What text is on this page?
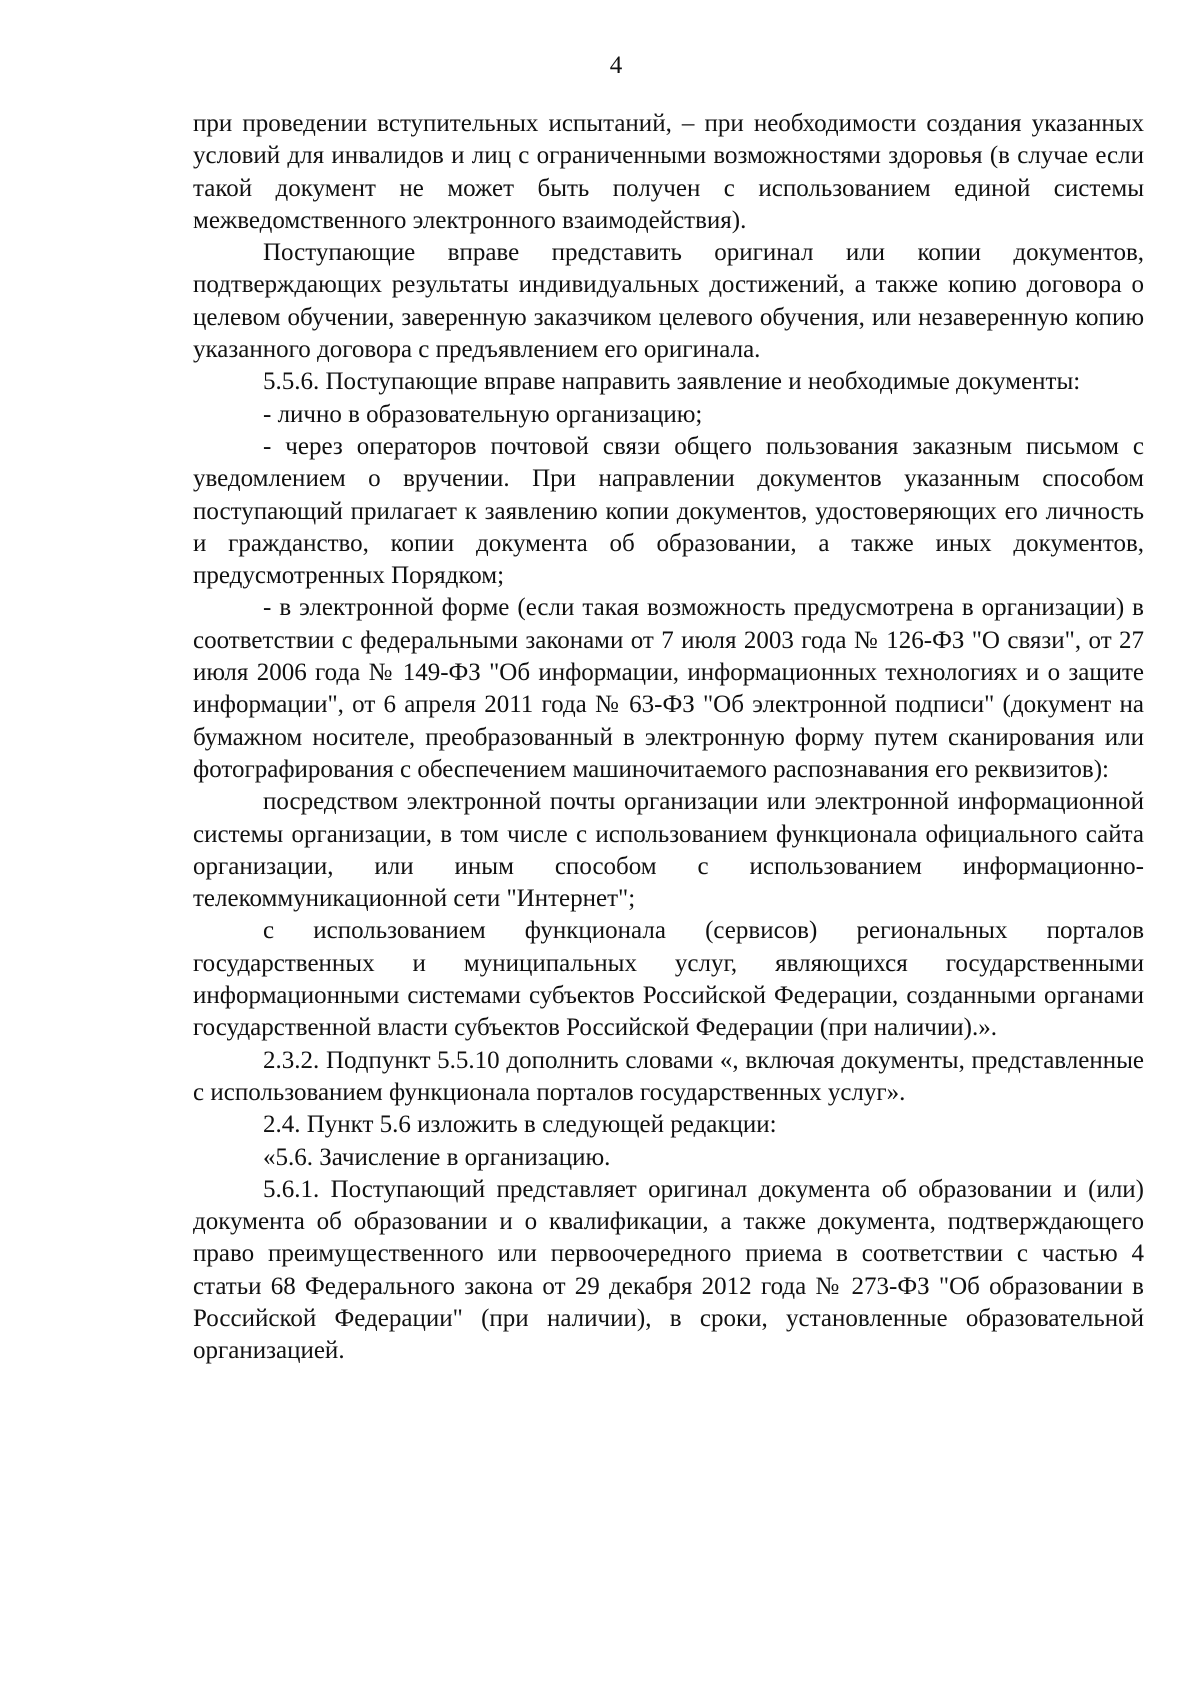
4

при проведении вступительных испытаний, – при необходимости создания указанных условий для инвалидов и лиц с ограниченными возможностями здоровья (в случае если такой документ не может быть получен с использованием единой системы межведомственного электронного взаимодействия).

Поступающие вправе представить оригинал или копии документов, подтверждающих результаты индивидуальных достижений, а также копию договора о целевом обучении, заверенную заказчиком целевого обучения, или незаверенную копию указанного договора с предъявлением его оригинала.

5.5.6. Поступающие вправе направить заявление и необходимые документы:

- лично в образовательную организацию;

- через операторов почтовой связи общего пользования заказным письмом с уведомлением о вручении. При направлении документов указанным способом поступающий прилагает к заявлению копии документов, удостоверяющих его личность и гражданство, копии документа об образовании, а также иных документов, предусмотренных Порядком;

- в электронной форме (если такая возможность предусмотрена в организации) в соответствии с федеральными законами от 7 июля 2003 года № 126-ФЗ "О связи", от 27 июля 2006 года № 149-ФЗ "Об информации, информационных технологиях и о защите информации", от 6 апреля 2011 года № 63-ФЗ "Об электронной подписи" (документ на бумажном носителе, преобразованный в электронную форму путем сканирования или фотографирования с обеспечением машиночитаемого распознавания его реквизитов):

посредством электронной почты организации или электронной информационной системы организации, в том числе с использованием функционала официального сайта организации, или иным способом с использованием информационно-телекоммуникационной сети "Интернет";

с использованием функционала (сервисов) региональных порталов государственных и муниципальных услуг, являющихся государственными информационными системами субъектов Российской Федерации, созданными органами государственной власти субъектов Российской Федерации (при наличии).».

2.3.2. Подпункт 5.5.10 дополнить словами «, включая документы, представленные с использованием функционала порталов государственных услуг».

2.4. Пункт 5.6 изложить в следующей редакции:

«5.6. Зачисление в организацию.

5.6.1. Поступающий представляет оригинал документа об образовании и (или) документа об образовании и о квалификации, а также документа, подтверждающего право преимущественного или первоочередного приема в соответствии с частью 4 статьи 68 Федерального закона от 29 декабря 2012 года № 273-ФЗ "Об образовании в Российской Федерации" (при наличии), в сроки, установленные образовательной организацией.
